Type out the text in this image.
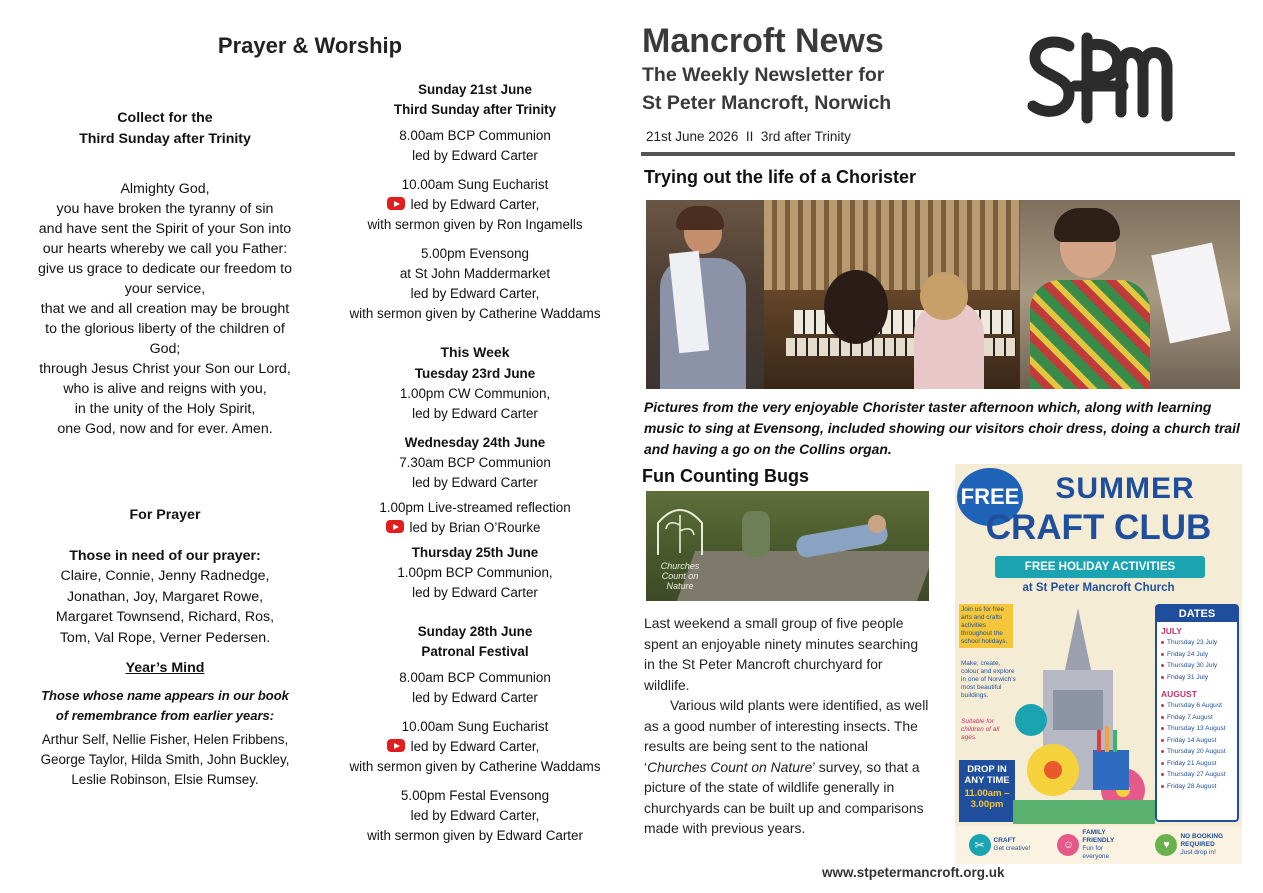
Prayer & Worship
Collect for the
Third Sunday after Trinity
Almighty God,
you have broken the tyranny of sin
and have sent the Spirit of your Son into
our hearts whereby we call you Father:
give us grace to dedicate our freedom to
your service,
that we and all creation may be brought
to the glorious liberty of the children of
God;
through Jesus Christ your Son our Lord,
who is alive and reigns with you,
in the unity of the Holy Spirit,
one God, now and for ever. Amen.
For Prayer
Those in need of our prayer:
Claire, Connie, Jenny Radnedge,
Jonathan, Joy, Margaret Rowe,
Margaret Townsend, Richard, Ros,
Tom, Val Rope, Verner Pedersen.
Year’s Mind
Those whose name appears in our book
of remembrance from earlier years:
Arthur Self, Nellie Fisher, Helen Fribbens,
George Taylor, Hilda Smith, John Buckley,
Leslie Robinson, Elsie Rumsey.
Sunday 21st June
Third Sunday after Trinity
8.00am BCP Communion
led by Edward Carter
10.00am Sung Eucharist
led by Edward Carter,
with sermon given by Ron Ingamells
5.00pm Evensong
at St John Maddermarket
led by Edward Carter,
with sermon given by Catherine Waddams
This Week
Tuesday 23rd June
1.00pm CW Communion,
led by Edward Carter
Wednesday 24th June
7.30am BCP Communion
led by Edward Carter
1.00pm Live-streamed reflection
led by Brian O’Rourke
Thursday 25th June
1.00pm BCP Communion,
led by Edward Carter
Sunday 28th June
Patronal Festival
8.00am BCP Communion
led by Edward Carter
10.00am Sung Eucharist
led by Edward Carter,
with sermon given by Catherine Waddams
5.00pm Festal Evensong
led by Edward Carter,
with sermon given by Edward Carter
Mancroft News
The Weekly Newsletter for
St Peter Mancroft, Norwich
21st June 2026  II  3rd after Trinity
Trying out the life of a Chorister
Pictures from the very enjoyable Chorister taster afternoon which, along with learning music to sing at Evensong, included showing our visitors choir dress, doing a church trail and having a go on the Collins organ.
Fun Counting Bugs
Churches Count on Nature

Last weekend a small group of five people spent an enjoyable ninety minutes searching in the St Peter Mancroft churchyard for wildlife.

Various wild plants were identified, as well as a good number of interesting insects. The results are being sent to the national ‘Churches Count on Nature’ survey, so that a picture of the state of wildlife generally in churchyards can be built up and comparisons made with previous years.

FREE	SUMMER
CRAFT CLUB
FREE HOLIDAY ACTIVITIES
at St Peter Mancroft Church
Join us for free arts and crafts activities throughout the school holidays.
Make, create, colour and explore in one of Norwich's most beautiful buildings.
Suitable for children of all ages.
DROP IN ANY TIME
11.00am – 3.00pm
DATES
JULY
Thursday 23 July
Friday 24 July
Thursday 30 July
Friday 31 July
AUGUST
Thursday 6 August
Friday 7 August
Thursday 13 August
Friday 14 August
Thursday 20 August
Friday 21 August
Thursday 27 August
Friday 28 August
✂	CRAFT
Get creative!	☺
FAMILY FRIENDLY
Fun for everyone
♥
NO BOOKING REQUIRED
Just drop in!
www.stpetermancroft.org.uk
